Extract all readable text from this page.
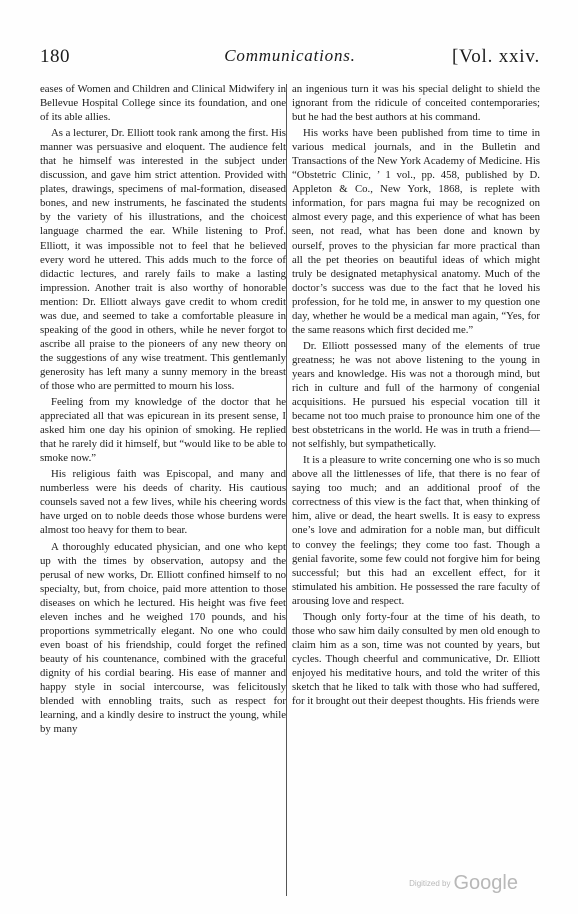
180	Communications.	[Vol. xxiv.

eases of Women and Children and Clinical Midwifery in Bellevue Hospital College since its foundation, and one of its able allies.

As a lecturer, Dr. Elliott took rank among the first. His manner was persuasive and eloquent. The audience felt that he himself was interested in the subject under discussion, and gave him strict attention. Provided with plates, drawings, specimens of mal-formation, diseased bones, and new instruments, he fascinated the students by the variety of his illustrations, and the choicest language charmed the ear. While listening to Prof. Elliott, it was impossible not to feel that he believed every word he uttered. This adds much to the force of didactic lectures, and rarely fails to make a lasting impression. Another trait is also worthy of honorable mention: Dr. Elliott always gave credit to whom credit was due, and seemed to take a comfortable pleasure in speaking of the good in others, while he never forgot to ascribe all praise to the pioneers of any new theory on the suggestions of any wise treatment. This gentlemanly generosity has left many a sunny memory in the breast of those who are permitted to mourn his loss.

Feeling from my knowledge of the doctor that he appreciated all that was epicurean in its present sense, I asked him one day his opinion of smoking. He replied that he rarely did it himself, but “would like to be able to smoke now.”

His religious faith was Episcopal, and many and numberless were his deeds of charity. His cautious counsels saved not a few lives, while his cheering words have urged on to noble deeds those whose burdens were almost too heavy for them to bear.

A thoroughly educated physician, and one who kept up with the times by observation, autopsy and the perusal of new works, Dr. Elliott confined himself to no specialty, but, from choice, paid more attention to those diseases on which he lectured. His height was five feet eleven inches and he weighed 170 pounds, and his proportions symmetrically elegant. No one who could even boast of his friendship, could forget the refined beauty of his countenance, combined with the graceful dignity of his cordial bearing. His ease of manner and happy style in social intercourse, was felicitously blended with ennobling traits, such as respect for learning, and a kindly desire to instruct the young, while by many

an ingenious turn it was his special delight to shield the ignorant from the ridicule of conceited contemporaries; but he had the best authors at his command.

His works have been published from time to time in various medical journals, and in the Bulletin and Transactions of the New York Academy of Medicine. His “Obstetric Clinic, ’ 1 vol., pp. 458, published by D. Appleton & Co., New York, 1868, is replete with information, for pars magna fui may be recognized on almost every page, and this experience of what has been seen, not read, what has been done and known by ourself, proves to the physician far more practical than all the pet theories on beautiful ideas of which might truly be designated metaphysical anatomy. Much of the doctor’s success was due to the fact that he loved his profession, for he told me, in answer to my question one day, whether he would be a medical man again, “Yes, for the same reasons which first decided me.”

Dr. Elliott possessed many of the elements of true greatness; he was not above listening to the young in years and knowledge. His was not a thorough mind, but rich in culture and full of the harmony of congenial acquisitions. He pursued his especial vocation till it became not too much praise to pronounce him one of the best obstetricans in the world. He was in truth a friend—not selfishly, but sympathetically.

It is a pleasure to write concerning one who is so much above all the littlenesses of life, that there is no fear of saying too much; and an additional proof of the correctness of this view is the fact that, when thinking of him, alive or dead, the heart swells. It is easy to express one’s love and admiration for a noble man, but difficult to convey the feelings; they come too fast. Though a genial favorite, some few could not forgive him for being successful; but this had an excellent effect, for it stimulated his ambition. He possessed the rare faculty of arousing love and respect.

Though only forty-four at the time of his death, to those who saw him daily consulted by men old enough to claim him as a son, time was not counted by years, but cycles. Though cheerful and communicative, Dr. Elliott enjoyed his meditative hours, and told the writer of this sketch that he liked to talk with those who had suffered, for it brought out their deepest thoughts. His friends were

Digitized by Google
